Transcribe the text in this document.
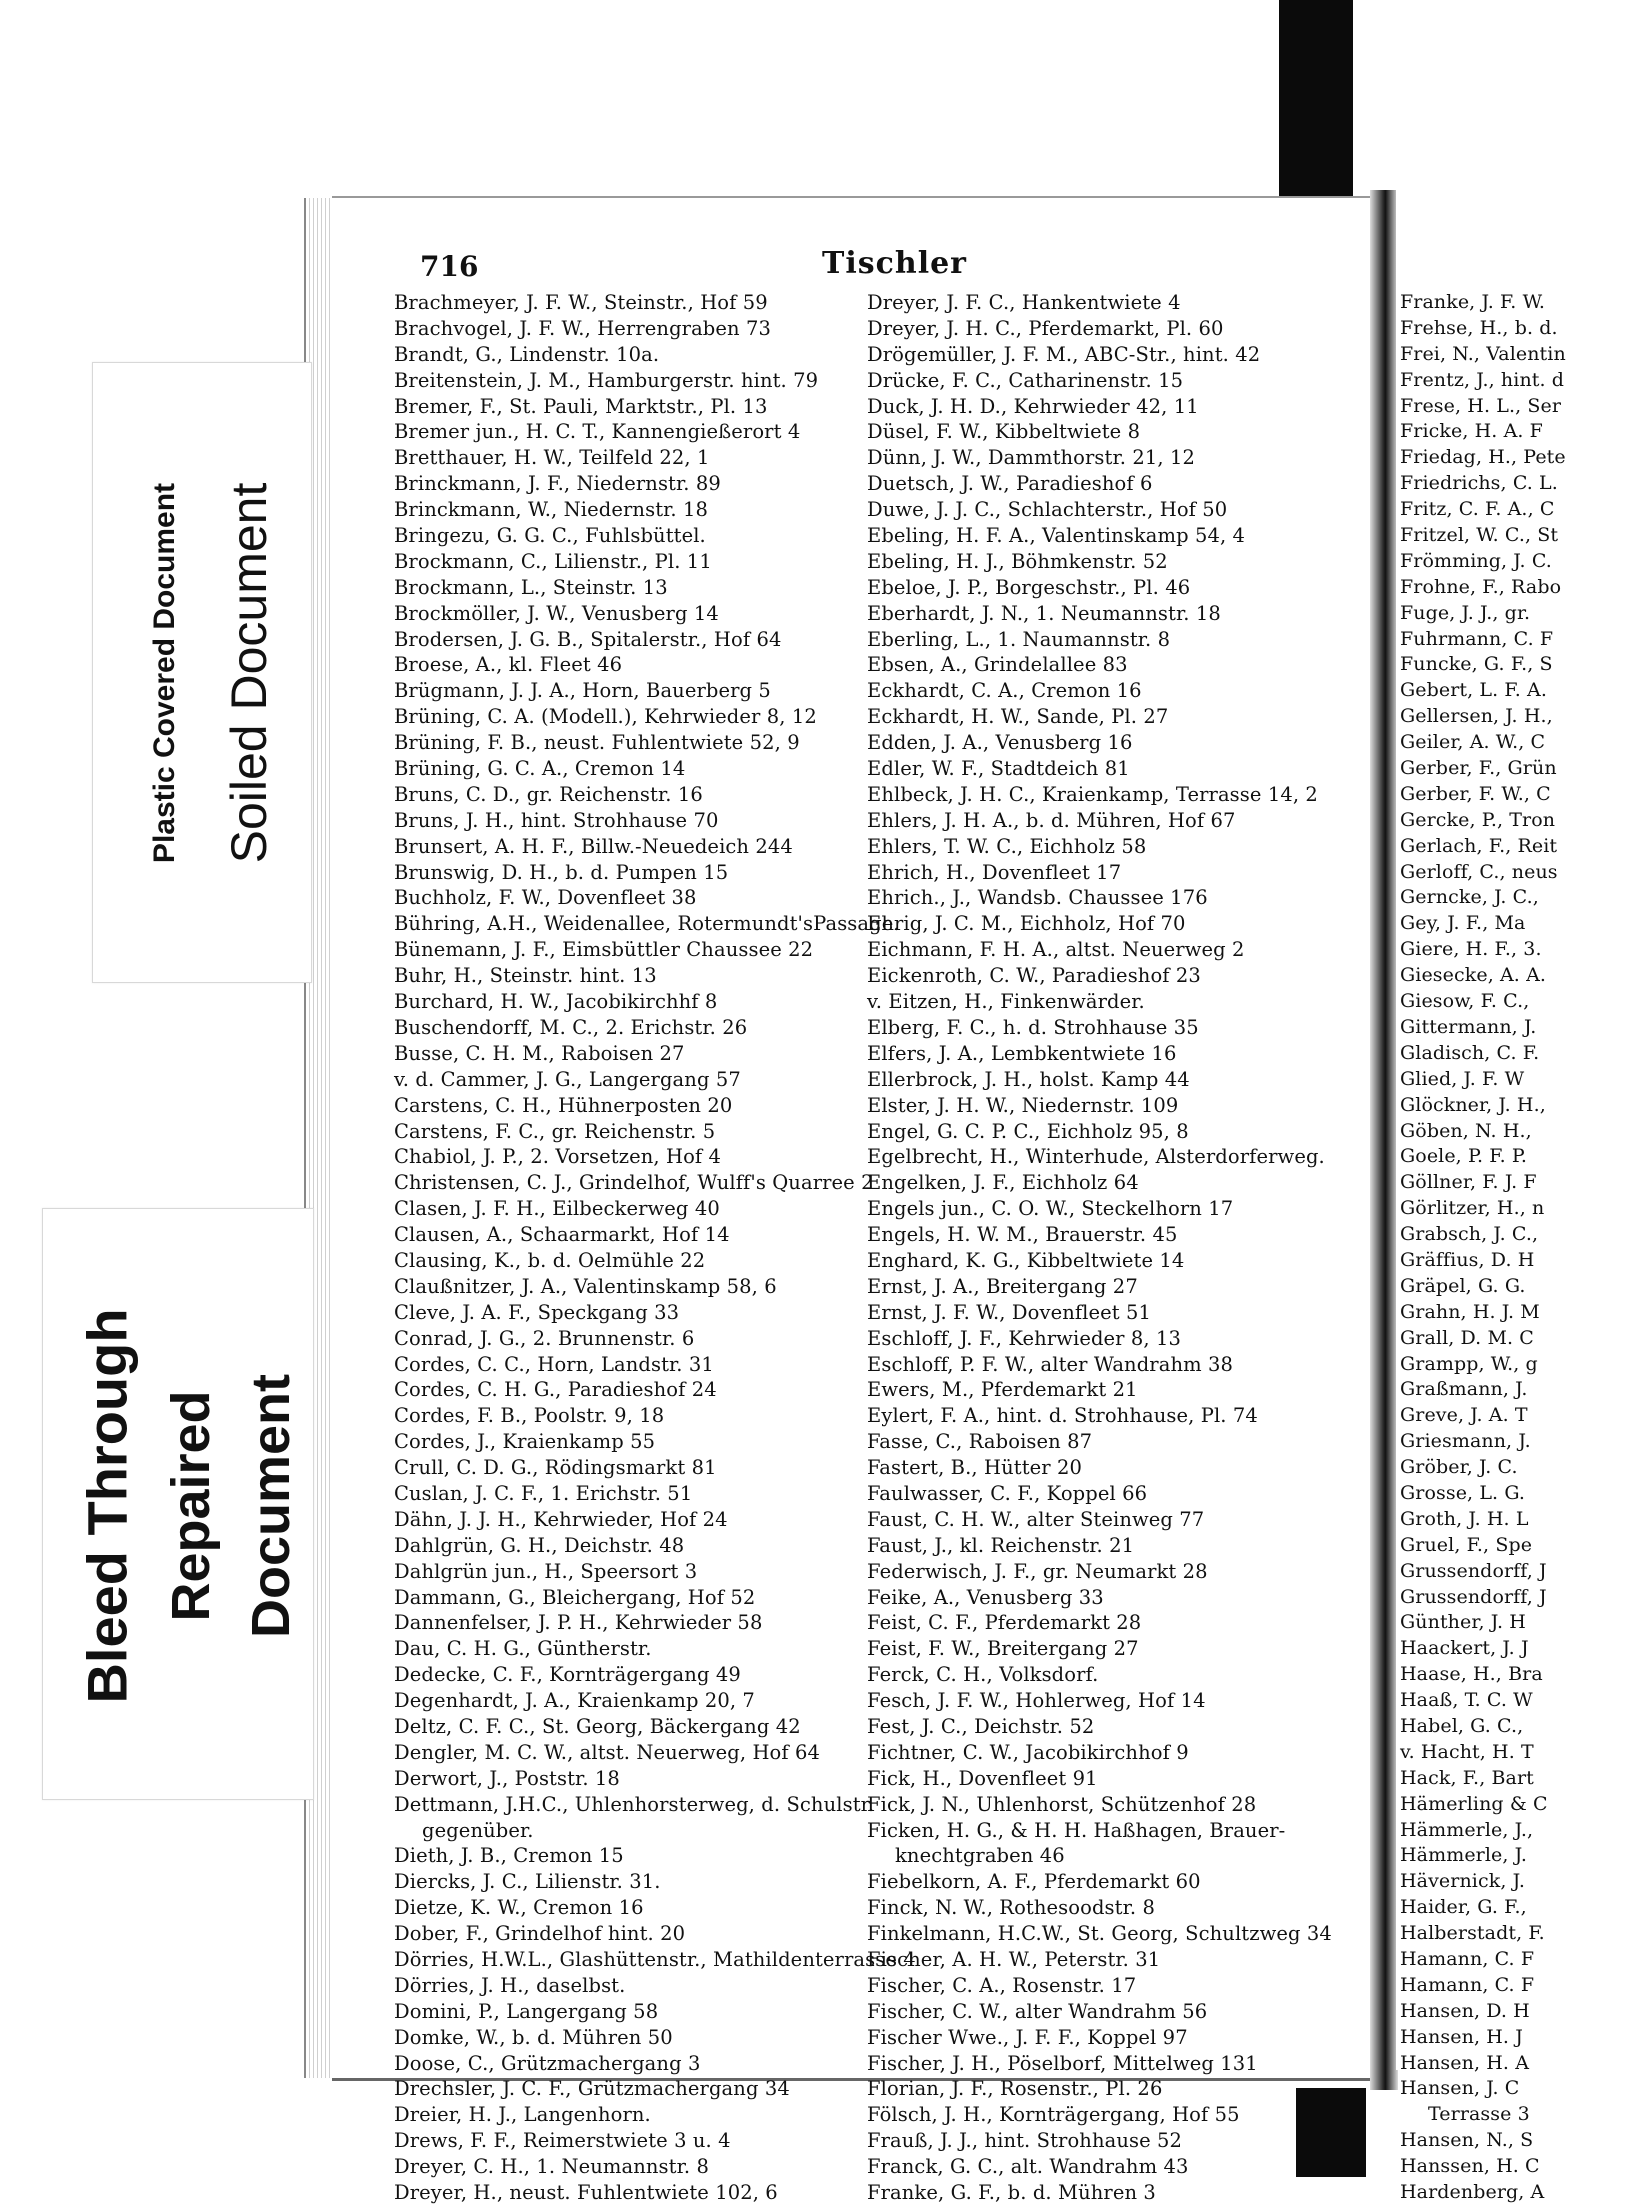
716	Tischler
Brachmeyer, J. F. W., Steinstr., Hof 59
Brachvogel, J. F. W., Herrengraben 73
Brandt, G., Lindenstr. 10a.
Breitenstein, J. M., Hamburgerstr. hint. 79
Bremer, F., St. Pauli, Marktstr., Pl. 13
Bremer jun., H. C. T., Kannengießerort 4
Bretthauer, H. W., Teilfeld 22, 1
Brinckmann, J. F., Niedernstr. 89
Brinckmann, W., Niedernstr. 18
Bringezu, G. G. C., Fuhlsbüttel.
Brockmann, C., Lilienstr., Pl. 11
Brockmann, L., Steinstr. 13
Brockmöller, J. W., Venusberg 14
Brodersen, J. G. B., Spitalerstr., Hof 64
Broese, A., kl. Fleet 46
Brügmann, J. J. A., Horn, Bauerberg 5
Brüning, C. A. (Modell.), Kehrwieder 8, 12
Brüning, F. B., neust. Fuhlentwiete 52, 9
Brüning, G. C. A., Cremon 14
Bruns, C. D., gr. Reichenstr. 16
Bruns, J. H., hint. Strohhause 70
Brunsert, A. H. F., Billw.-Neuedeich 244
Brunswig, D. H., b. d. Pumpen 15
Buchholz, F. W., Dovenfleet 38
Bühring, A.H., Weidenallee, Rotermundt'sPassage.
Bünemann, J. F., Eimsbüttler Chaussee 22
Buhr, H., Steinstr. hint. 13
Burchard, H. W., Jacobikirchhf 8
Buschendorff, M. C., 2. Erichstr. 26
Busse, C. H. M., Raboisen 27
v. d. Cammer, J. G., Langergang 57
Carstens, C. H., Hühnerposten 20
Carstens, F. C., gr. Reichenstr. 5
Chabiol, J. P., 2. Vorsetzen, Hof 4
Christensen, C. J., Grindelhof, Wulff's Quarree 2
Clasen, J. F. H., Eilbeckerweg 40
Clausen, A., Schaarmarkt, Hof 14
Clausing, K., b. d. Oelmühle 22
Claußnitzer, J. A., Valentinskamp 58, 6
Cleve, J. A. F., Speckgang 33
Conrad, J. G., 2. Brunnenstr. 6
Cordes, C. C., Horn, Landstr. 31
Cordes, C. H. G., Paradieshof 24
Cordes, F. B., Poolstr. 9, 18
Cordes, J., Kraienkamp 55
Crull, C. D. G., Rödingsmarkt 81
Cuslan, J. C. F., 1. Erichstr. 51
Dähn, J. J. H., Kehrwieder, Hof 24
Dahlgrün, G. H., Deichstr. 48
Dahlgrün jun., H., Speersort 3
Dammann, G., Bleichergang, Hof 52
Dannenfelser, J. P. H., Kehrwieder 58
Dau, C. H. G., Güntherstr.
Dedecke, C. F., Kornträgergang 49
Degenhardt, J. A., Kraienkamp 20, 7
Deltz, C. F. C., St. Georg, Bäckergang 42
Dengler, M. C. W., altst. Neuerweg, Hof 64
Derwort, J., Poststr. 18
Dettmann, J.H.C., Uhlenhorsterweg, d. Schulstr.
gegenüber.
Dieth, J. B., Cremon 15
Diercks, J. C., Lilienstr. 31.
Dietze, K. W., Cremon 16
Dober, F., Grindelhof hint. 20
Dörries, H.W.L., Glashüttenstr., Mathildenterrasse 4
Dörries, J. H., daselbst.
Domini, P., Langergang 58
Domke, W., b. d. Mühren 50
Doose, C., Grützmachergang 3
Drechsler, J. C. F., Grützmachergang 34
Dreier, H. J., Langenhorn.
Drews, F. F., Reimerstwiete 3 u. 4
Dreyer, C. H., 1. Neumannstr. 8
Dreyer, H., neust. Fuhlentwiete 102, 6
Dreyer, J. F. C., Hankentwiete 4
Dreyer, J. H. C., Pferdemarkt, Pl. 60
Drögemüller, J. F. M., ABC-Str., hint. 42
Drücke, F. C., Catharinenstr. 15
Duck, J. H. D., Kehrwieder 42, 11
Düsel, F. W., Kibbeltwiete 8
Dünn, J. W., Dammthorstr. 21, 12
Duetsch, J. W., Paradieshof 6
Duwe, J. J. C., Schlachterstr., Hof 50
Ebeling, H. F. A., Valentinskamp 54, 4
Ebeling, H. J., Böhmkenstr. 52
Ebeloe, J. P., Borgeschstr., Pl. 46
Eberhardt, J. N., 1. Neumannstr. 18
Eberling, L., 1. Naumannstr. 8
Ebsen, A., Grindelallee 83
Eckhardt, C. A., Cremon 16
Eckhardt, H. W., Sande, Pl. 27
Edden, J. A., Venusberg 16
Edler, W. F., Stadtdeich 81
Ehlbeck, J. H. C., Kraienkamp, Terrasse 14, 2
Ehlers, J. H. A., b. d. Mühren, Hof 67
Ehlers, T. W. C., Eichholz 58
Ehrich, H., Dovenfleet 17
Ehrich., J., Wandsb. Chaussee 176
Ehrig, J. C. M., Eichholz, Hof 70
Eichmann, F. H. A., altst. Neuerweg 2
Eickenroth, C. W., Paradieshof 23
v. Eitzen, H., Finkenwärder.
Elberg, F. C., h. d. Strohhause 35
Elfers, J. A., Lembkentwiete 16
Ellerbrock, J. H., holst. Kamp 44
Elster, J. H. W., Niedernstr. 109
Engel, G. C. P. C., Eichholz 95, 8
Egelbrecht, H., Winterhude, Alsterdorferweg.
Engelken, J. F., Eichholz 64
Engels jun., C. O. W., Steckelhorn 17
Engels, H. W. M., Brauerstr. 45
Enghard, K. G., Kibbeltwiete 14
Ernst, J. A., Breitergang 27
Ernst, J. F. W., Dovenfleet 51
Eschloff, J. F., Kehrwieder 8, 13
Eschloff, P. F. W., alter Wandrahm 38
Ewers, M., Pferdemarkt 21
Eylert, F. A., hint. d. Strohhause, Pl. 74
Fasse, C., Raboisen 87
Fastert, B., Hütter 20
Faulwasser, C. F., Koppel 66
Faust, C. H. W., alter Steinweg 77
Faust, J., kl. Reichenstr. 21
Federwisch, J. F., gr. Neumarkt 28
Feike, A., Venusberg 33
Feist, C. F., Pferdemarkt 28
Feist, F. W., Breitergang 27
Ferck, C. H., Volksdorf.
Fesch, J. F. W., Hohlerweg, Hof 14
Fest, J. C., Deichstr. 52
Fichtner, C. W., Jacobikirchhof 9
Fick, H., Dovenfleet 91
Fick, J. N., Uhlenhorst, Schützenhof 28
Ficken, H. G., & H. H. Haßhagen, Brauer-
knechtgraben 46
Fiebelkorn, A. F., Pferdemarkt 60
Finck, N. W., Rothesoodstr. 8
Finkelmann, H.C.W., St. Georg, Schultzweg 34
Fischer, A. H. W., Peterstr. 31
Fischer, C. A., Rosenstr. 17
Fischer, C. W., alter Wandrahm 56
Fischer Wwe., J. F. F., Koppel 97
Fischer, J. H., Pöselborf, Mittelweg 131
Florian, J. F., Rosenstr., Pl. 26
Fölsch, J. H., Kornträgergang, Hof 55
Frauß, J. J., hint. Strohhause 52
Franck, G. C., alt. Wandrahm 43
Franke, G. F., b. d. Mühren 3
Franke, J. F. W.
Frehse, H., b. d.
Frei, N., Valentin
Frentz, J., hint. d
Frese, H. L., Ser
Fricke, H. A. F
Friedag, H., Pete
Friedrichs, C. L.
Fritz, C. F. A., C
Fritzel, W. C., St
Frömming, J. C.
Frohne, F., Rabo
Fuge, J. J., gr.
Fuhrmann, C. F
Funcke, G. F., S
Gebert, L. F. A.
Gellersen, J. H.,
Geiler, A. W., C
Gerber, F., Grün
Gerber, F. W., C
Gercke, P., Tron
Gerlach, F., Reit
Gerloff, C., neus
Gerncke, J. C.,
Gey, J. F., Ma
Giere, H. F., 3.
Giesecke, A. A.
Giesow, F. C.,
Gittermann, J.
Gladisch, C. F.
Glied, J. F. W
Glöckner, J. H.,
Göben, N. H.,
Goele, P. F. P.
Göllner, F. J. F
Görlitzer, H., n
Grabsch, J. C.,
Gräffius, D. H
Gräpel, G. G.
Grahn, H. J. M
Grall, D. M. C
Grampp, W., g
Graßmann, J.
Greve, J. A. T
Griesmann, J.
Gröber, J. C.
Grosse, L. G.
Groth, J. H. L
Gruel, F., Spe
Grussendorff, J
Grussendorff, J
Günther, J. H
Haackert, J. J
Haase, H., Bra
Haaß, T. C. W
Habel, G. C.,
v. Hacht, H. T
Hack, F., Bart
Hämerling & C
Hämmerle, J.,
Hämmerle, J.
Hävernick, J.
Haider, G. F.,
Halberstadt, F.
Hamann, C. F
Hamann, C. F
Hansen, D. H
Hansen, H. J
Hansen, H. A
Hansen, J. C
Terrasse 3
Hansen, N., S
Hanssen, H. C
Hardenberg, A
Plastic Covered Document Soiled Document
Bleed Through Repaired Document
